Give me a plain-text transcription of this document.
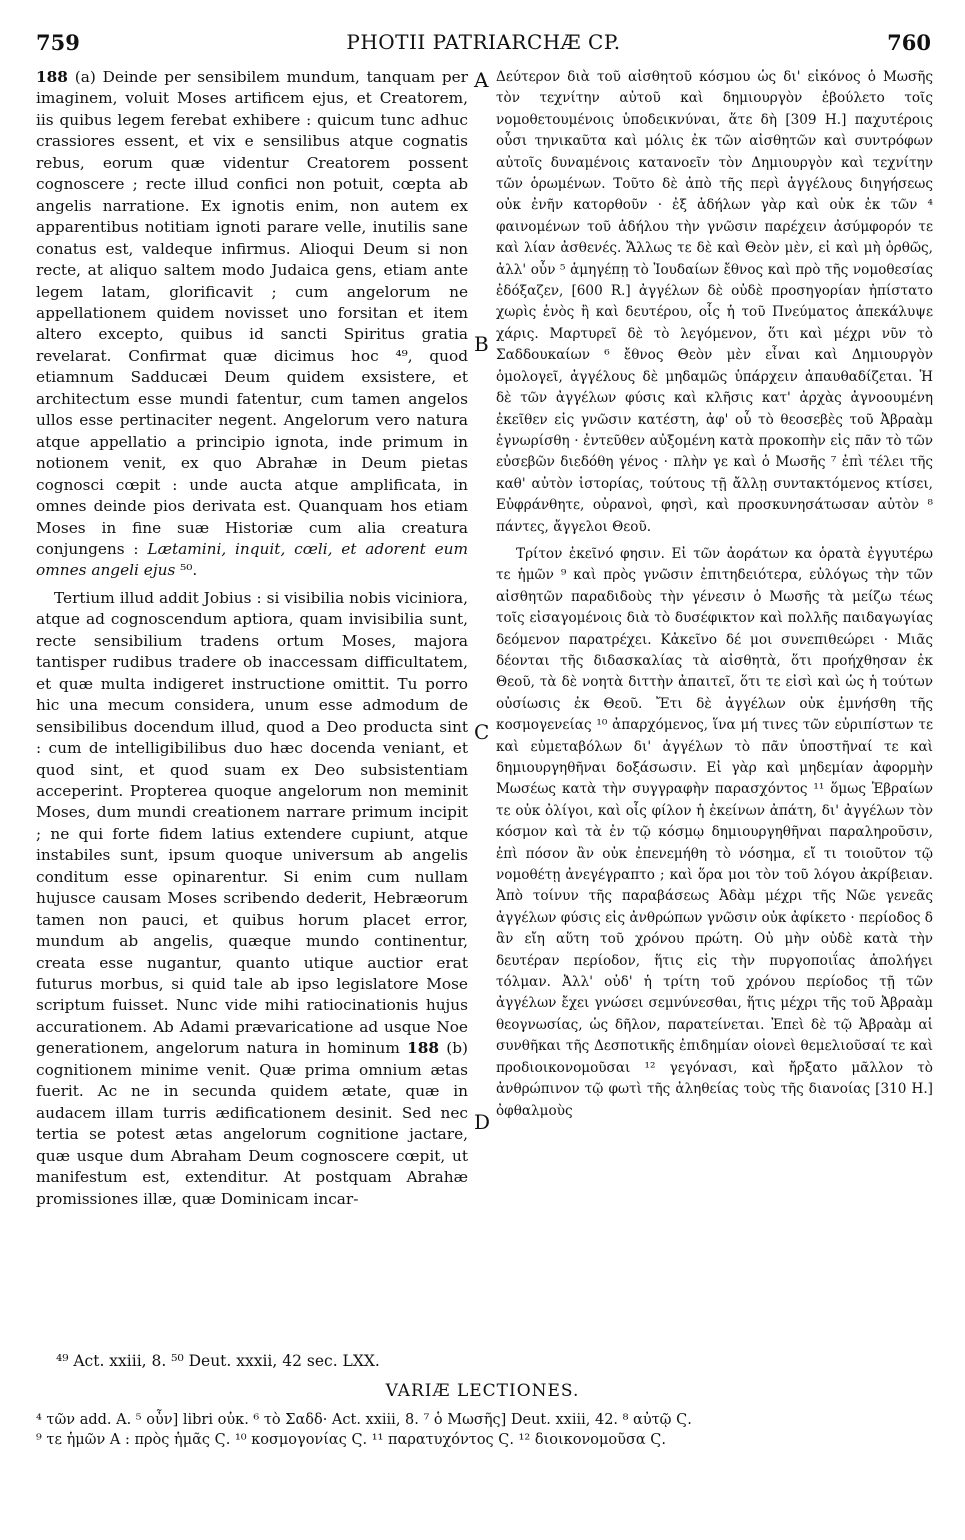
759	PHOTII PATRIARCHÆ CP.	760

188 (a) Deinde per sensibilem mundum, tanquam per imaginem, voluit Moses artificem ejus, et Creatorem, iis quibus legem ferebat exhibere : quicum tunc adhuc crassiores essent, et vix e sensilibus atque cognatis rebus, eorum quæ videntur Creatorem possent cognoscere ; recte illud confici non potuit, cœpta ab angelis narratione. Ex ignotis enim, non autem ex apparentibus notitiam ignoti parare velle, inutilis sane conatus est, valdeque infirmus. Alioqui Deum si non recte, at aliquo saltem modo Judaica gens, etiam ante legem latam, glorificavit ; cum angelorum ne appellationem quidem novisset uno forsitan et item altero excepto, quibus id sancti Spiritus gratia revelarat. Confirmat quæ dicimus hoc ⁴⁹, quod etiamnum Sadducæi Deum quidem exsistere, et architectum esse mundi fatentur, cum tamen angelos ullos esse pertinaciter negent. Angelorum vero natura atque appellatio a principio ignota, inde primum in notionem venit, ex quo Abrahæ in Deum pietas cognosci cœpit : unde aucta atque amplificata, in omnes deinde pios derivata est. Quanquam hos etiam Moses in fine suæ Historiæ cum alia creatura conjungens : Lætamini, inquit, cœli, et adorent eum omnes angeli ejus ⁵⁰.

Tertium illud addit Jobius : si visibilia nobis viciniora, atque ad cognoscendum aptiora, quam invisibilia sunt, recte sensibilium tradens ortum Moses, majora tantisper rudibus tradere ob inaccessam difficultatem, et quæ multa indigeret instructione omittit. Tu porro hic una mecum considera, unum esse admodum de sensibilibus docendum illud, quod a Deo producta sint : cum de intelligibilibus duo hæc docenda veniant, et quod sint, et quod suam ex Deo subsistentiam acceperint. Propterea quoque angelorum non meminit Moses, dum mundi creationem narrare primum incipit ; ne qui forte fidem latius extendere cupiunt, atque instabiles sunt, ipsum quoque universum ab angelis conditum esse opinarentur. Si enim cum nullam hujusce causam Moses scribendo dederit, Hebræorum tamen non pauci, et quibus horum placet error, mundum ab angelis, quæque mundo continentur, creata esse nugantur, quanto utique auctior erat futurus morbus, si quid tale ab ipso legislatore Mose scriptum fuisset. Nunc vide mihi ratiocinationis hujus accurationem. Ab Adami prævaricatione ad usque Noe generationem, angelorum natura in hominum 188 (b) cognitionem minime venit. Quæ prima omnium ætas fuerit. Ac ne in secunda quidem ætate, quæ in audacem illam turris ædificationem desinit. Sed nec tertia se potest ætas angelorum cognitione jactare, quæ usque dum Abraham Deum cognoscere cœpit, ut manifestum est, extenditur. At postquam Abrahæ promissiones illæ, quæ Dominicam incar-

A
B
C
D

Δεύτερον διὰ τοῦ αἰσθητοῦ κόσμου ὡς δι' εἰκόνος ὁ Μωσῆς τὸν τεχνίτην αὐτοῦ καὶ δημιουργὸν ἐβούλετο τοῖς νομοθετουμένοις ὑποδεικνύναι, ἅτε δὴ [309 H.] παχυτέροις οὖσι τηνικαῦτα καὶ μόλις ἐκ τῶν αἰσθητῶν καὶ συντρόφων αὐτοῖς δυναμένοις κατανοεῖν τὸν Δημιουργὸν καὶ τεχνίτην τῶν ὁρωμένων. Τοῦτο δὲ ἀπὸ τῆς περὶ ἀγγέλους διηγήσεως οὐκ ἐνῆν κατορθοῦν · ἐξ ἀδήλων γὰρ καὶ οὐκ ἐκ τῶν ⁴ φαινομένων τοῦ ἀδήλου τὴν γνῶσιν παρέχειν ἀσύμφορόν τε καὶ λίαν ἀσθενές. Ἄλλως τε δὲ καὶ Θεὸν μὲν, εἰ καὶ μὴ ὀρθῶς, ἀλλ' οὖν ⁵ ἁμηγέπῃ τὸ Ἰουδαίων ἔθνος καὶ πρὸ τῆς νομοθεσίας ἐδόξαζεν, [600 R.] ἀγγέλων δὲ οὐδὲ προσηγορίαν ἠπίστατο χωρὶς ἑνὸς ἢ καὶ δευτέρου, οἷς ἡ τοῦ Πνεύματος ἀπεκάλυψε χάρις. Μαρτυρεῖ δὲ τὸ λεγόμενον, ὅτι καὶ μέχρι νῦν τὸ Σαδδουκαίων ⁶ ἔθνος Θεὸν μὲν εἶναι καὶ Δημιουργὸν ὁμολογεῖ, ἀγγέλους δὲ μηδαμῶς ὑπάρχειν ἀπαυθαδίζεται. Ἡ δὲ τῶν ἀγγέλων φύσις καὶ κλῆσις κατ' ἀρχὰς ἀγνοουμένη ἐκεῖθεν εἰς γνῶσιν κατέστη, ἀφ' οὗ τὸ θεοσεβὲς τοῦ Ἀβραὰμ ἐγνωρίσθη · ἐντεῦθεν αὐξομένη κατὰ προκοπὴν εἰς πᾶν τὸ τῶν εὐσεβῶν διεδόθη γένος · πλὴν γε καὶ ὁ Μωσῆς ⁷ ἐπὶ τέλει τῆς καθ' αὐτὸν ἱστορίας, τούτους τῇ ἄλλῃ συντακτόμενος κτίσει, Εὐφράνθητε, οὐρανοὶ, φησὶ, καὶ προσκυνησάτωσαν αὐτὸν ⁸ πάντες, ἄγγελοι Θεοῦ.

Τρίτον ἐκεῖνό φησιν. Εἰ τῶν ἀοράτων κα ὁρατὰ ἐγγυτέρω τε ἡμῶν ⁹ καὶ πρὸς γνῶσιν ἐπιτηδειότερα, εὐλόγως τὴν τῶν αἰσθητῶν παραδιδοὺς τὴν γένεσιν ὁ Μωσῆς τὰ μείζω τέως τοῖς εἰσαγομένοις διὰ τὸ δυσέφικτον καὶ πολλῆς παιδαγωγίας δεόμενον παρατρέχει. Κἀκεῖνο δέ μοι συνεπιθεώρει · Μιᾶς δέονται τῆς διδασκαλίας τὰ αἰσθητὰ, ὅτι προήχθησαν ἐκ Θεοῦ, τὰ δὲ νοητὰ διττὴν ἀπαιτεῖ, ὅτι τε εἰσὶ καὶ ὡς ἡ τούτων οὐσίωσις ἐκ Θεοῦ. Ἔτι δὲ ἀγγέλων οὐκ ἐμνήσθη τῆς κοσμογενείας ¹⁰ ἀπαρχόμενος, ἵνα μή τινες τῶν εὐριπίστων τε καὶ εὐμεταβόλων δι' ἀγγέλων τὸ πᾶν ὑποστῆναί τε καὶ δημιουργηθῆναι δοξάσωσιν. Εἰ γὰρ καὶ μηδεμίαν ἀφορμὴν Μωσέως κατὰ τὴν συγγραφὴν παρασχόντος ¹¹ ὅμως Ἑβραίων τε οὐκ ὀλίγοι, καὶ οἷς φίλον ἡ ἐκείνων ἀπάτη, δι' ἀγγέλων τὸν κόσμον καὶ τὰ ἐν τῷ κόσμῳ δημιουργηθῆναι παραληροῦσιν, ἐπὶ πόσον ἂν οὐκ ἐπενεμήθη τὸ νόσημα, εἴ τι τοιοῦτον τῷ νομοθέτῃ ἀνεγέγραπτο ; καὶ ὅρα μοι τὸν τοῦ λόγου ἀκρίβειαν. Ἀπὸ τοίνυν τῆς παραβάσεως Ἀδὰμ μέχρι τῆς Νῶε γενεᾶς ἀγγέλων φύσις εἰς ἀνθρώπων γνῶσιν οὐκ ἀφίκετο · περίοδος δ ἂν εἴη αὕτη τοῦ χρόνου πρώτη. Οὐ μὴν οὐδὲ κατὰ τὴν δευτέραν περίοδον, ἥτις εἰς τὴν πυργοποιΐας ἀπολήγει τόλμαν. Ἀλλ' οὐδ' ἡ τρίτη τοῦ χρόνου περίοδος τῇ τῶν ἀγγέλων ἔχει γνώσει σεμνύνεσθαι, ἥτις μέχρι τῆς τοῦ Ἀβραὰμ θεογνωσίας, ὡς δῆλον, παρατείνεται. Ἐπεὶ δὲ τῷ Ἀβραὰμ αἱ συνθῆκαι τῆς Δεσποτικῆς ἐπιδημίαν οἱονεὶ θεμελιοῦσαί τε καὶ προδιοικονομοῦσαι ¹² γεγόνασι, καὶ ἤρξατο μᾶλλον τὸ ἀνθρώπινον τῷ φωτὶ τῆς ἀληθείας τοὺς τῆς διανοίας [310 H.] ὀφθαλμοὺς

⁴⁹ Act. xxiii, 8. ⁵⁰ Deut. xxxii, 42 sec. LXX.
VARIÆ LECTIONES.

⁴ τῶν add. A. ⁵ οὖν] libri οὐκ. ⁶ τὸ Σαδδ· Act. xxiii, 8. ⁷ ὁ Μωσῆς] Deut. xxiii, 42. ⁸ αὐτῷ Ϛ.

⁹ τε ἡμῶν A : πρὸς ἡμᾶς Ϛ. ¹⁰ κοσμογονίας Ϛ. ¹¹ παρατυχόντος Ϛ. ¹² διοικονομοῦσα Ϛ.
